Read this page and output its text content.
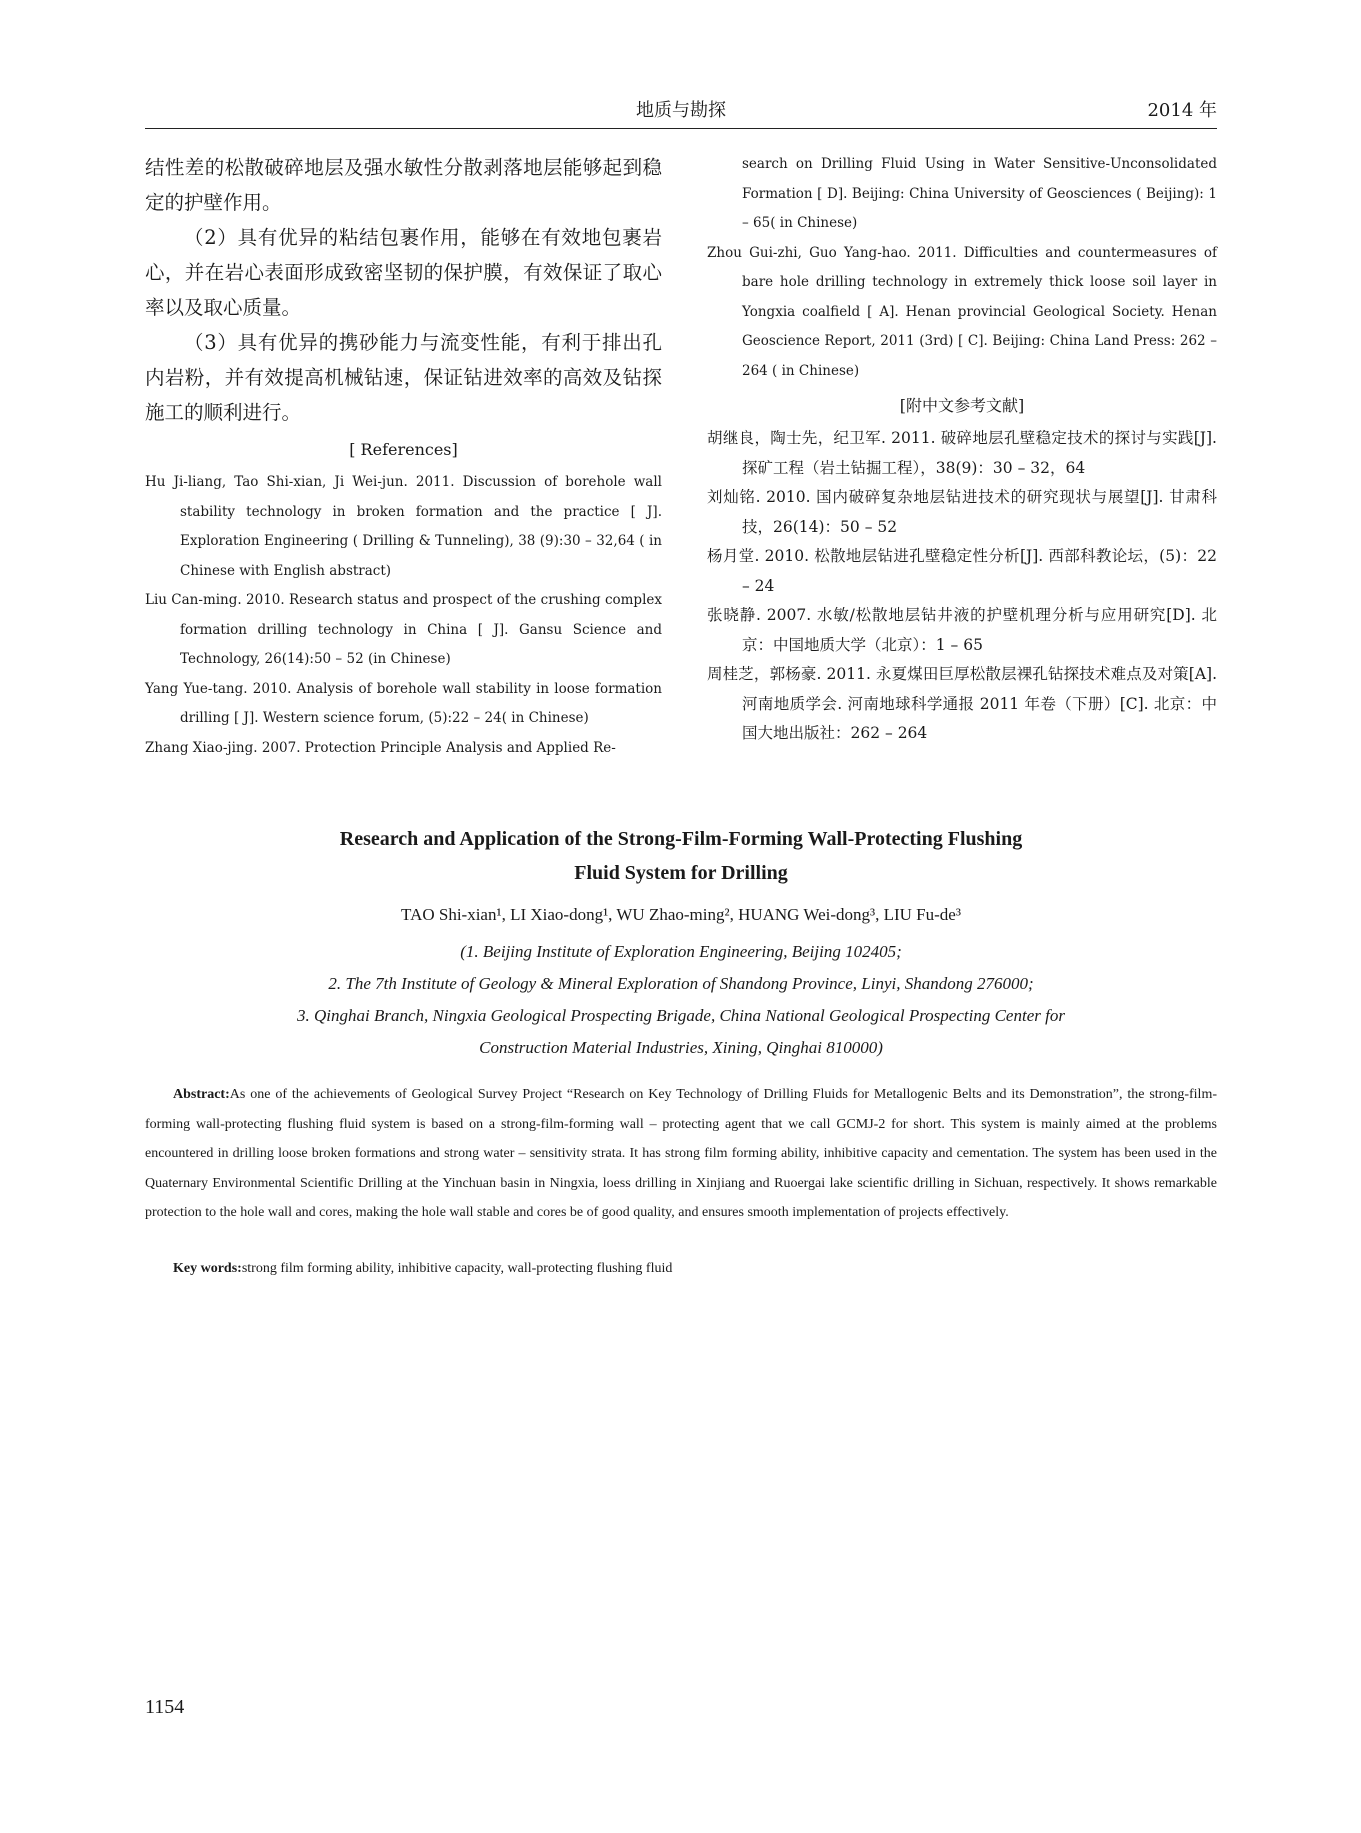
地质与勘探	2014 年

结性差的松散破碎地层及强水敏性分散剥落地层能够起到稳定的护壁作用。

（2）具有优异的粘结包裹作用，能够在有效地包裹岩心，并在岩心表面形成致密坚韧的保护膜，有效保证了取心率以及取心质量。

（3）具有优异的携砂能力与流变性能，有利于排出孔内岩粉，并有效提高机械钻速，保证钻进效率的高效及钻探施工的顺利进行。

[ References]

Hu Ji-liang, Tao Shi-xian, Ji Wei-jun. 2011. Discussion of borehole wall stability technology in broken formation and the practice [ J]. Exploration Engineering ( Drilling & Tunneling), 38 (9):30 – 32,64 ( in Chinese with English abstract)

Liu Can-ming. 2010. Research status and prospect of the crushing complex formation drilling technology in China [ J]. Gansu Science and Technology, 26(14):50 – 52 (in Chinese)

Yang Yue-tang. 2010. Analysis of borehole wall stability in loose formation drilling [ J]. Western science forum, (5):22 – 24( in Chinese)

Zhang Xiao-jing. 2007. Protection Principle Analysis and Applied Re-

search on Drilling Fluid Using in Water Sensitive-Unconsolidated Formation [ D]. Beijing: China University of Geosciences ( Beijing): 1 – 65( in Chinese)

Zhou Gui-zhi, Guo Yang-hao. 2011. Difficulties and countermeasures of bare hole drilling technology in extremely thick loose soil layer in Yongxia coalfield [ A]. Henan provincial Geological Society. Henan Geoscience Report, 2011 (3rd) [ C]. Beijing: China Land Press: 262 – 264 ( in Chinese)

[附中文参考文献]

胡继良，陶士先，纪卫军. 2011. 破碎地层孔壁稳定技术的探讨与实践[J]. 探矿工程（岩土钻掘工程），38(9)：30 – 32，64

刘灿铭. 2010. 国内破碎复杂地层钻进技术的研究现状与展望[J]. 甘肃科技，26(14)：50 – 52

杨月堂. 2010. 松散地层钻进孔壁稳定性分析[J]. 西部科教论坛，(5)：22 – 24

张晓静. 2007. 水敏/松散地层钻井液的护壁机理分析与应用研究[D]. 北京：中国地质大学（北京）：1 – 65

周桂芝，郭杨豪. 2011. 永夏煤田巨厚松散层裸孔钻探技术难点及对策[A]. 河南地质学会. 河南地球科学通报 2011 年卷（下册）[C]. 北京：中国大地出版社：262 – 264

Research and Application of the Strong-Film-Forming Wall-Protecting Flushing
Fluid System for Drilling
TAO Shi-xian¹, LI Xiao-dong¹, WU Zhao-ming², HUANG Wei-dong³, LIU Fu-de³
(1. Beijing Institute of Exploration Engineering, Beijing 102405;
2. The 7th Institute of Geology & Mineral Exploration of Shandong Province, Linyi, Shandong 276000;
3. Qinghai Branch, Ningxia Geological Prospecting Brigade, China National Geological Prospecting Center for
Construction Material Industries, Xining, Qinghai 810000)
Abstract:As one of the achievements of Geological Survey Project “Research on Key Technology of Drilling Fluids for Metallogenic Belts and its Demonstration”, the strong-film-forming wall-protecting flushing fluid system is based on a strong-film-forming wall – protecting agent that we call GCMJ-2 for short. This system is mainly aimed at the problems encountered in drilling loose broken formations and strong water – sensitivity strata. It has strong film forming ability, inhibitive capacity and cementation. The system has been used in the Quaternary Environmental Scientific Drilling at the Yinchuan basin in Ningxia, loess drilling in Xinjiang and Ruoergai lake scientific drilling in Sichuan, respectively. It shows remarkable protection to the hole wall and cores, making the hole wall stable and cores be of good quality, and ensures smooth implementation of projects effectively.
Key words:strong film forming ability, inhibitive capacity, wall-protecting flushing fluid
1154
